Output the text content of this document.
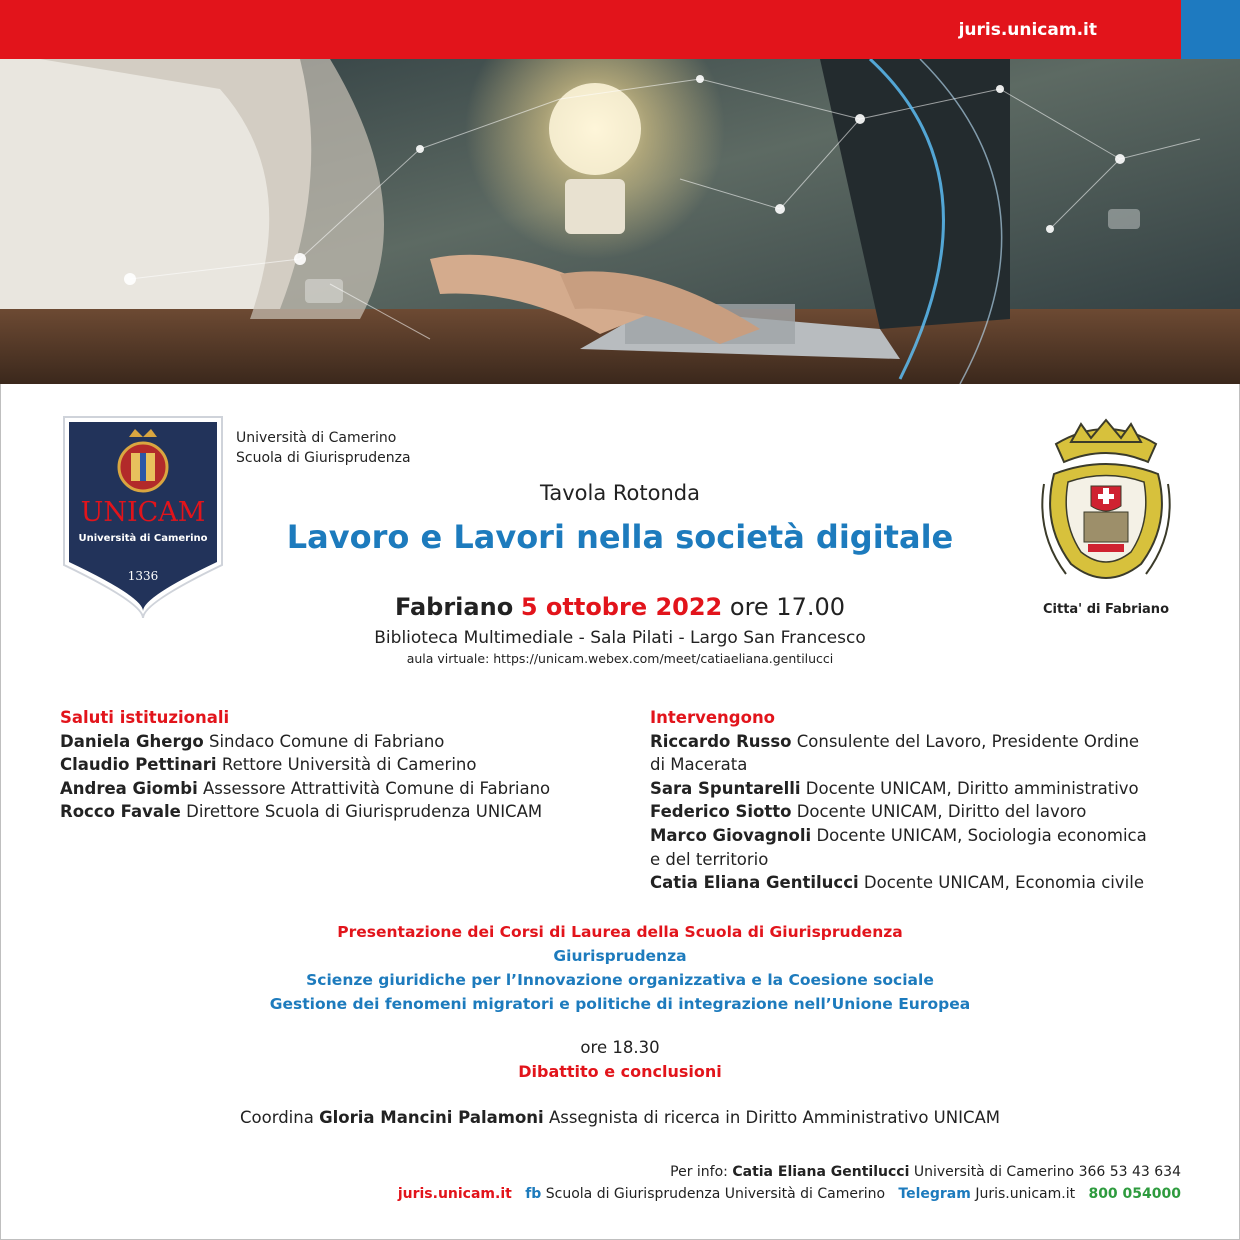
juris.unicam.it
UNICAM
Università di Camerino
1336
Università di Camerino
Scuola di Giurisprudenza
Citta' di Fabriano
Tavola Rotonda
Lavoro e Lavori nella società digitale
Fabriano 5 ottobre 2022 ore 17.00
Biblioteca Multimediale - Sala Pilati - Largo San Francesco
aula virtuale: https://unicam.webex.com/meet/catiaeliana.gentilucci
Saluti istituzionali
Daniela Ghergo Sindaco Comune di Fabriano
Claudio Pettinari Rettore Università di Camerino
Andrea Giombi Assessore Attrattività Comune di Fabriano
Rocco Favale Direttore Scuola di Giurisprudenza UNICAM
Intervengono
Riccardo Russo Consulente del Lavoro, Presidente Ordine di Macerata
Sara Spuntarelli Docente UNICAM, Diritto amministrativo
Federico Siotto Docente UNICAM, Diritto del lavoro
Marco Giovagnoli Docente UNICAM, Sociologia economica e del territorio
Catia Eliana Gentilucci Docente UNICAM, Economia civile
Presentazione dei Corsi di Laurea della Scuola di Giurisprudenza
Giurisprudenza
Scienze giuridiche per l’Innovazione organizzativa e la Coesione sociale
Gestione dei fenomeni migratori e politiche di integrazione nell’Unione Europea
ore 18.30
Dibattito e conclusioni
Coordina Gloria Mancini Palamoni Assegnista di ricerca in Diritto Amministrativo UNICAM
Per info: Catia Eliana Gentilucci Università di Camerino 366 53 43 634
juris.unicam.it fb Scuola di Giurisprudenza Università di Camerino Telegram Juris.unicam.it 800 054000
